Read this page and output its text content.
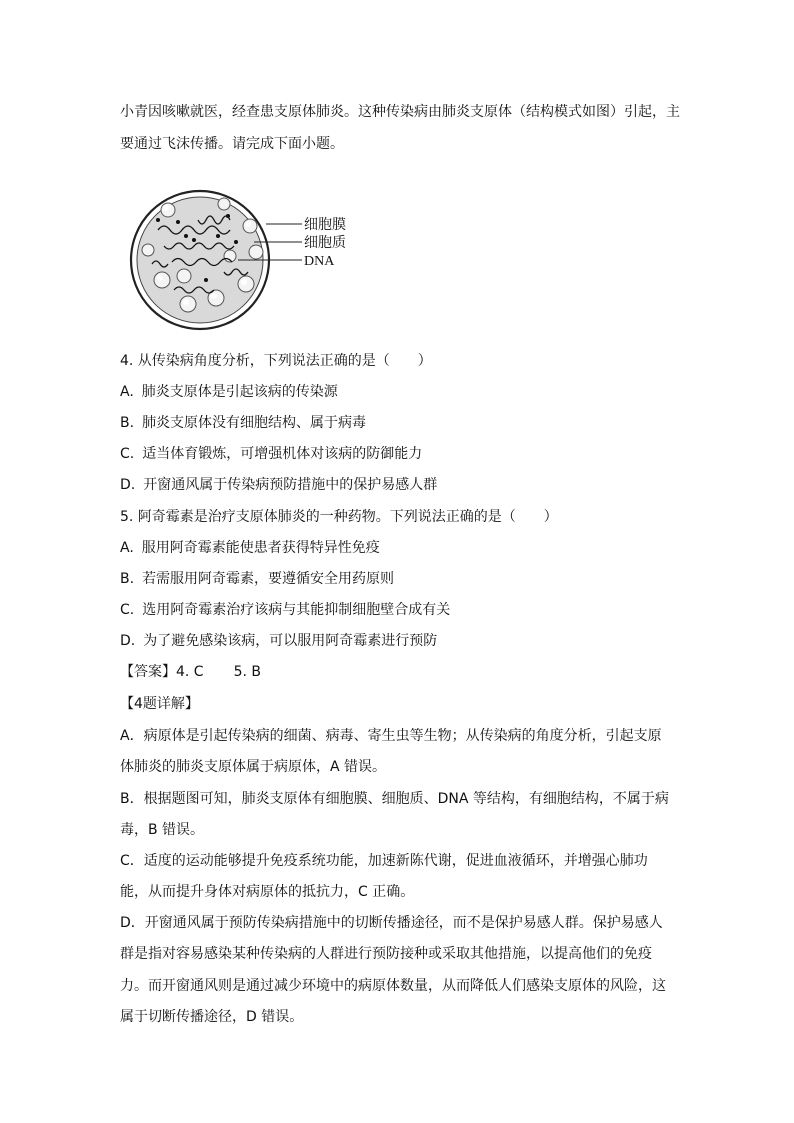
小青因咳嗽就医，经查患支原体肺炎。这种传染病由肺炎支原体（结构模式如图）引起，主
要通过飞沫传播。请完成下面小题。
细胞膜
细胞质
DNA
4. 从传染病角度分析，下列说法正确的是（　　）
A. 肺炎支原体是引起该病的传染源
B. 肺炎支原体没有细胞结构、属于病毒
C. 适当体育锻炼，可增强机体对该病的防御能力
D. 开窗通风属于传染病预防措施中的保护易感人群
5. 阿奇霉素是治疗支原体肺炎的一种药物。下列说法正确的是（　　）
A. 服用阿奇霉素能使患者获得特异性免疫
B. 若需服用阿奇霉素，要遵循安全用药原则
C. 选用阿奇霉素治疗该病与其能抑制细胞壁合成有关
D. 为了避免感染该病，可以服用阿奇霉素进行预防
【答案】4. C 5. B
【4题详解】
A．病原体是引起传染病的细菌、病毒、寄生虫等生物；从传染病的角度分析，引起支原
体肺炎的肺炎支原体属于病原体，A 错误。
B．根据题图可知，肺炎支原体有细胞膜、细胞质、DNA 等结构，有细胞结构，不属于病
毒，B 错误。
C．适度的运动能够提升免疫系统功能，加速新陈代谢，促进血液循环，并增强心肺功
能，从而提升身体对病原体的抵抗力，C 正确。
D．开窗通风属于预防传染病措施中的切断传播途径，而不是保护易感人群。保护易感人
群是指对容易感染某种传染病的人群进行预防接种或采取其他措施，以提高他们的免疫
力。而开窗通风则是通过减少环境中的病原体数量，从而降低人们感染支原体的风险，这
属于切断传播途径，D 错误。
